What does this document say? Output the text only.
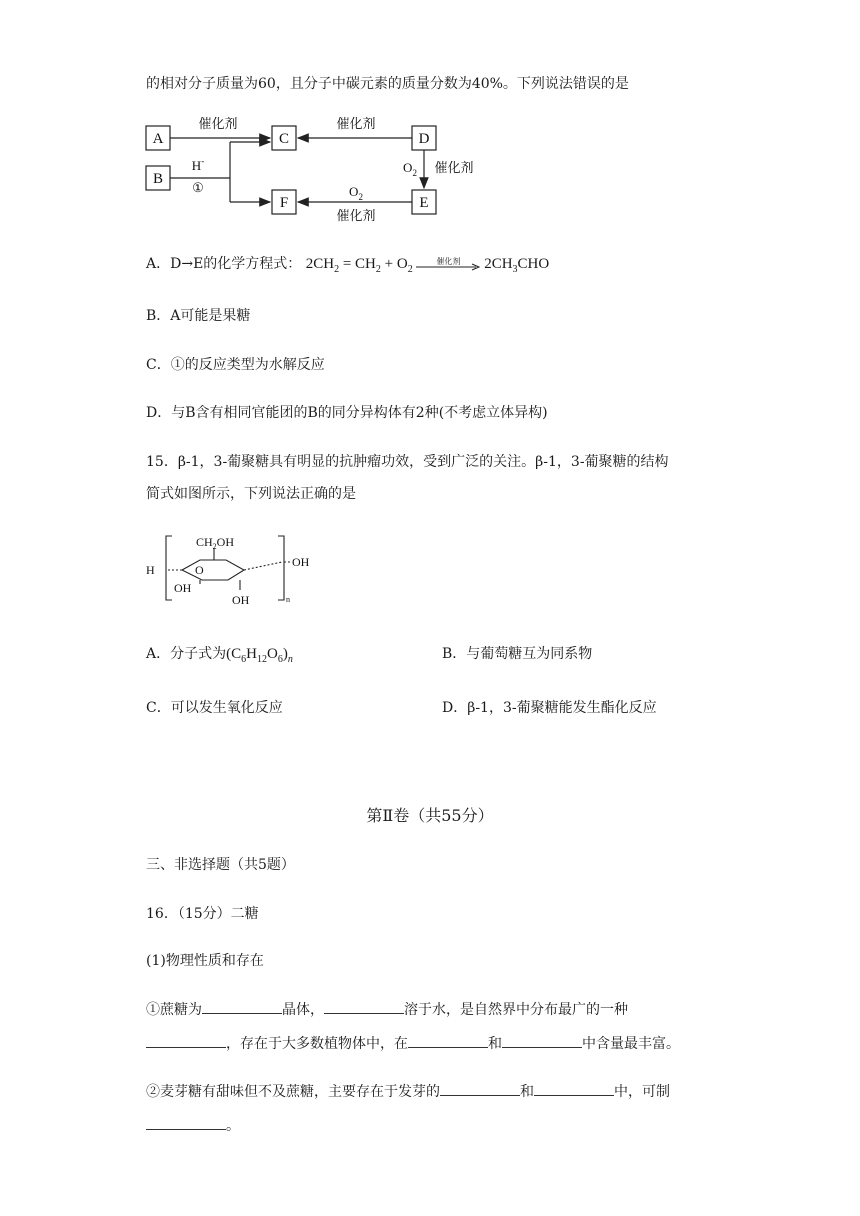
的相对分子质量为60，且分子中碳元素的质量分数为40%。下列说法错误的是
A
B
C	D
E
F
催化剂	催化剂
催化剂
催化剂
H-
①
$O_2$
$O_2$
A．D→E的化学方程式： $2CH_2 = CH_2 + O_2$
催化剂	$2CH_3CHO$
B．A可能是果糖
C．①的反应类型为水解反应
D．与B含有相同官能团的B的同分异构体有2种(不考虑立体异构)
15．β-1，3-葡聚糖具有明显的抗肿瘤功效，受到广泛的关注。β-1，3-葡聚糖的结构
简式如图所示，下列说法正确的是
$CH_2OH$
H	O
OH
OH
OH
n
A．分子式为$(C_6H_{12}O_6)_n$	B．与葡萄糖互为同系物
C．可以发生氧化反应	D．β-1，3-葡聚糖能发生酯化反应
第Ⅱ卷（共55分）
三、非选择题（共5题）
16．（15分）二糖
(1)物理性质和存在
①蔗糖为	晶体，	溶于水，是自然界中分布最广的一种
，存在于大多数植物体中，在	和	中含量最丰富。
②麦芽糖有甜味但不及蔗糖，主要存在于发芽的	和	中，可制
。
